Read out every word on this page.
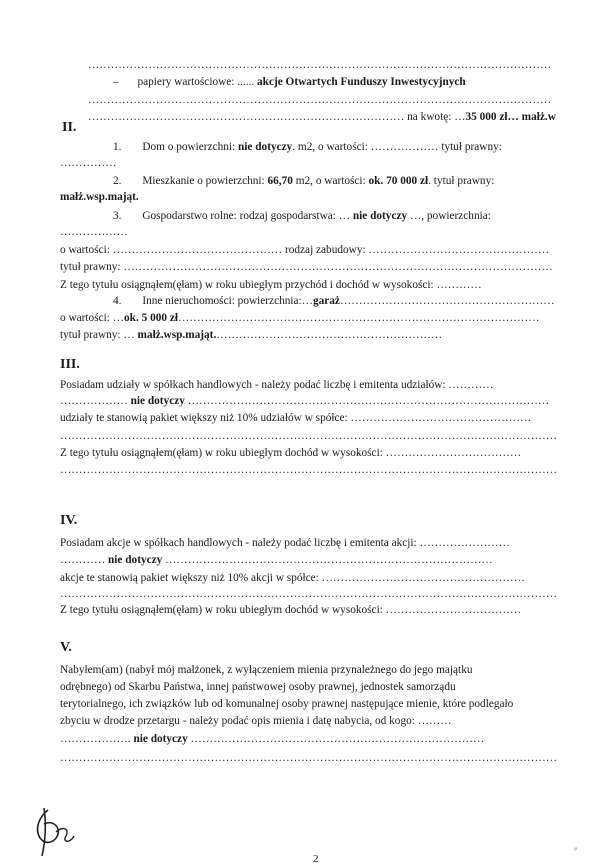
……………………………………………………………………………………………………………
– papiery wartościowe: ...... akcje Otwartych Funduszy Inwestycyjnych
……………………………………………………………………………………………………………
………………………………………………………………………… na kwotę: …35 000 zł… małż.w
II.
1. Dom o powierzchni: nie dotyczy. m2, o wartości: ……………… tytuł prawny:
……………
2. Mieszkanie o powierzchni: 66,70 m2, o wartości: ok. 70 000 zł. tytuł prawny:
małż.wsp.mająt.
3. Gospodarstwo rolne: rodzaj gospodarstwa: … nie dotyczy …, powierzchnia:
………………
o wartości: ……………………………………… rodzaj zabudowy: …………………………………………
tytuł prawny: ……………………………………………………………………………………………………
Z tego tytułu osiągnąłem(ęłam) w roku ubiegłym przychód i dochód w wysokości: …………
4. Inne nieruchomości: powierzchnia:…garaż…………………………………………………
o wartości: …ok. 5 000 zł……………………………………………………………………………………
tytuł prawny: … małż.wsp.mająt.……………………………………………………
III.
Posiadam udziały w spółkach handlowych - należy podać liczbę i emitenta udziałów: …………
……………… nie dotyczy ……………………………………………………………………………………
udziały te stanowią pakiet większy niż 10% udziałów w spółce: …………………………………………
……………………………………………………………………………………………………………………
Z tego tytułu osiągnąłem(ęłam) w roku ubiegłym dochód w wysokości: ………………………………
……………………………………………………………………………………………………………………
IV.
Posiadam akcje w spółkach handlowych - należy podać liczbę i emitenta akcji: ……………………
………… nie dotyczy ……………………………………………………………………………
akcje te stanowią pakiet większy niż 10% akcji w spółce: ………………………………………………
……………………………………………………………………………………………………………………
Z tego tytułu osiągnąłem(ęłam) w roku ubiegłym dochód w wysokości: ………………………………
V.
Nabyłem(am) (nabył mój małżonek, z wyłączeniem mienia przynależnego do jego majątku
odrębnego) od Skarbu Państwa, innej państwowej osoby prawnej, jednostek samorządu
terytorialnego, ich związków lub od komunalnej osoby prawnej następujące mienie, które podlegało
zbyciu w drodze przetargu - należy podać opis mienia i datę nabycia, od kogo: ………
………………. nie dotyczy ……………………………………………………………………
……………………………………………………………………………………………………………………
2
#
